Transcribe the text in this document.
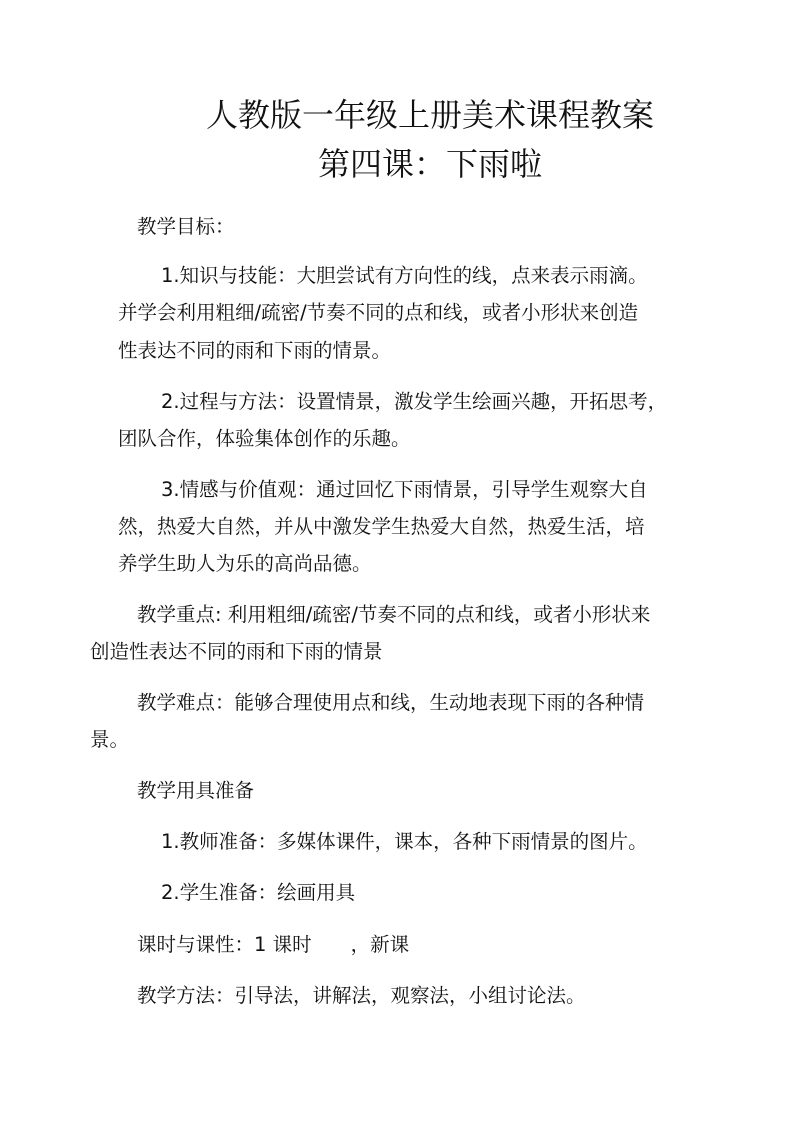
人教版一年级上册美术课程教案
第四课：下雨啦
教学目标：
1.知识与技能：大胆尝试有方向性的线，点来表示雨滴。
并学会利用粗细/疏密/节奏不同的点和线，或者小形状来创造
性表达不同的雨和下雨的情景。
2.过程与方法：设置情景，激发学生绘画兴趣，开拓思考，
团队合作，体验集体创作的乐趣。
3.情感与价值观：通过回忆下雨情景，引导学生观察大自
然，热爱大自然，并从中激发学生热爱大自然，热爱生活，培
养学生助人为乐的高尚品德。
教学重点: 利用粗细/疏密/节奏不同的点和线，或者小形状来
创造性表达不同的雨和下雨的情景
教学难点：能够合理使用点和线，生动地表现下雨的各种情
景。
教学用具准备
1.教师准备：多媒体课件，课本，各种下雨情景的图片。
2.学生准备：绘画用具
课时与课性：1 课时　　，新课
教学方法：引导法，讲解法，观察法，小组讨论法。
